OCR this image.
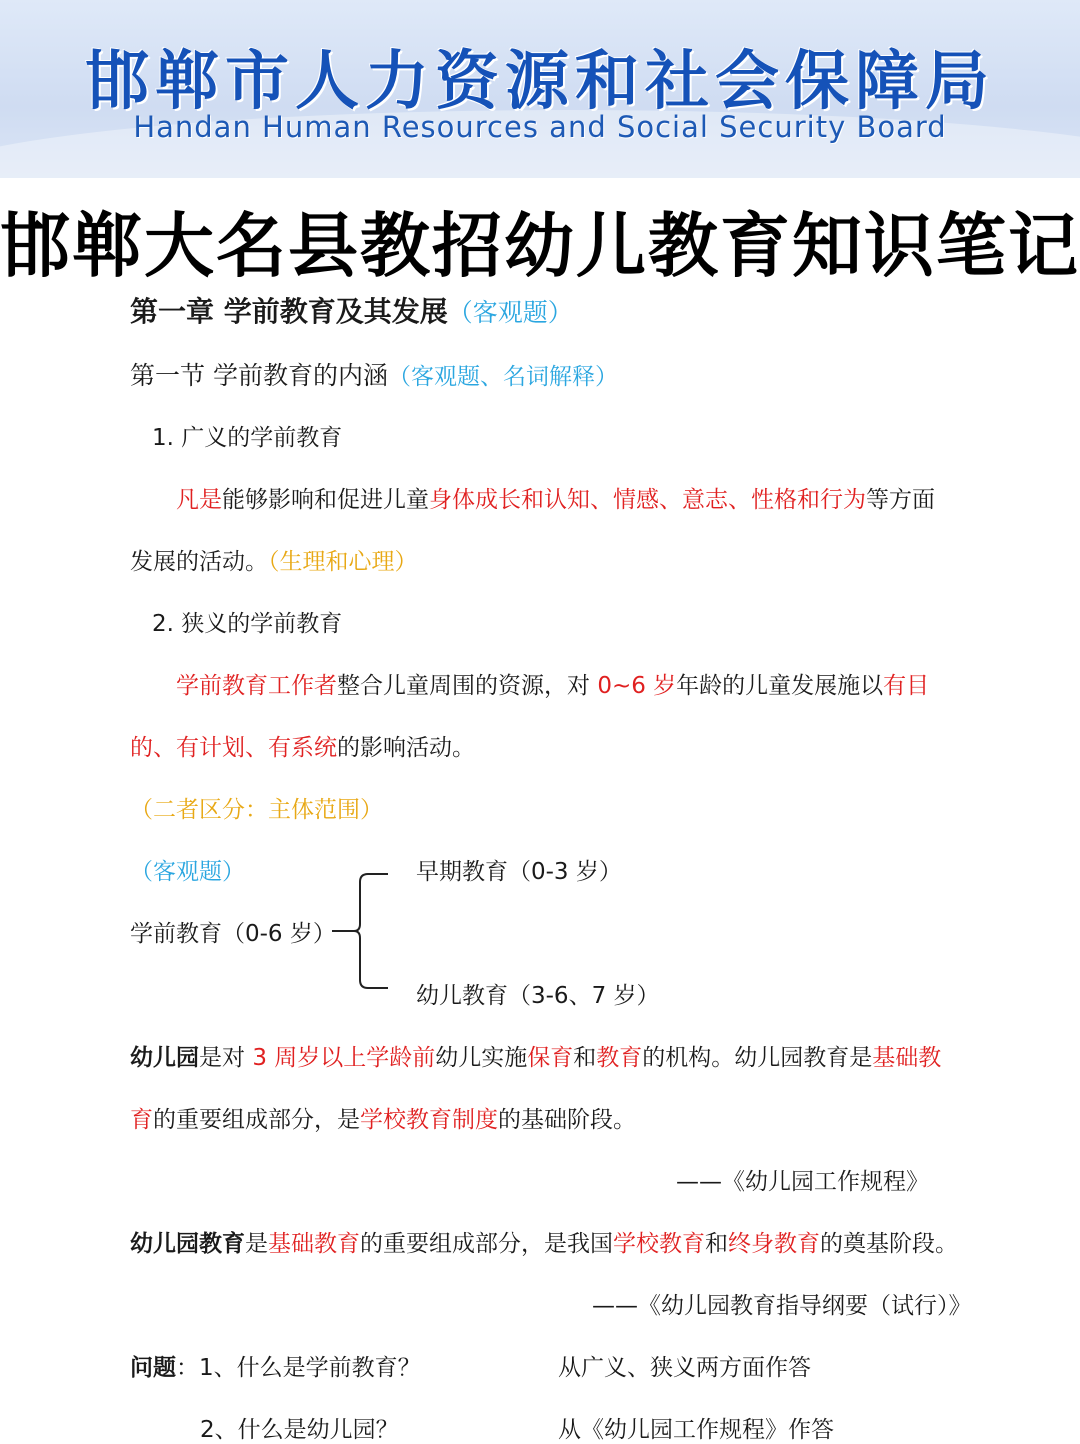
邯郸市人力资源和社会保障局
Handan Human Resources and Social Security Board
邯郸大名县教招幼儿教育知识笔记
第一章 学前教育及其发展（客观题）
第一节 学前教育的内涵（客观题、名词解释）
1. 广义的学前教育
凡是能够影响和促进儿童身体成长和认知、情感、意志、性格和行为等方面
发展的活动。（生理和心理）
2. 狭义的学前教育
学前教育工作者整合儿童周围的资源，对 0~6 岁年龄的儿童发展施以有目
的、有计划、有系统的影响活动。
（二者区分：主体范围）
（客观题）
学前教育（0-6 岁）
早期教育（0-3 岁）
幼儿教育（3-6、7 岁）
幼儿园是对 3 周岁以上学龄前幼儿实施保育和教育的机构。幼儿园教育是基础教
育的重要组成部分，是学校教育制度的基础阶段。
——《幼儿园工作规程》
幼儿园教育是基础教育的重要组成部分，是我国学校教育和终身教育的奠基阶段。
——《幼儿园教育指导纲要（试行）》
问题：1、什么是学前教育？	从广义、狭义两方面作答
2、什么是幼儿园？	从《幼儿园工作规程》作答
